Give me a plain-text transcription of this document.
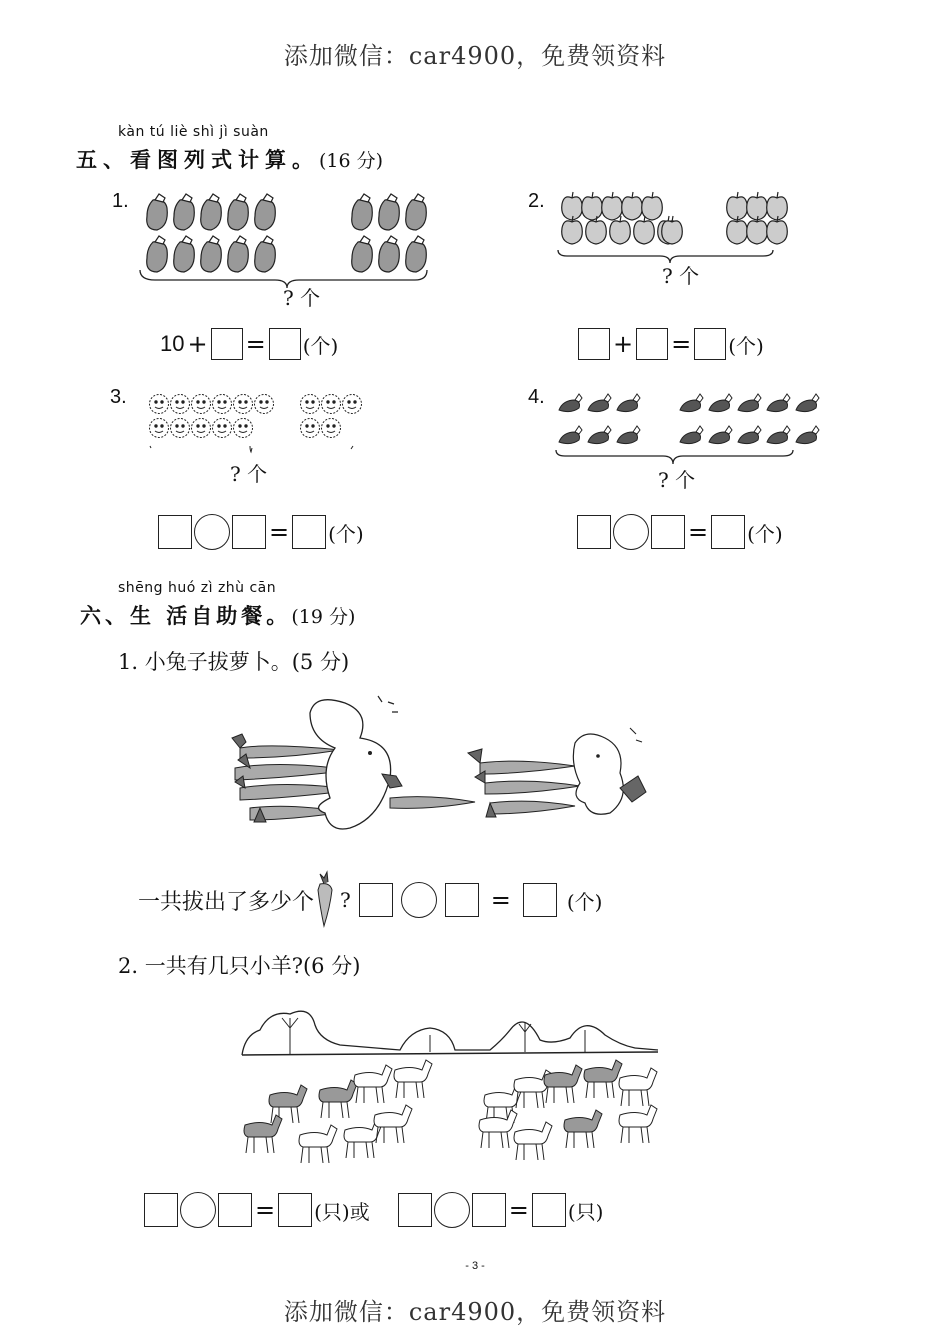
添加微信：car4900，免费领资料
kàn tú liè shì jì suàn
五、看图列式计算。(16 分)
1.
? 个
10 + = (个)
2.
? 个
+ = (个)
3.
? 个
= (个)
4.
? 个
= (个)
shēng huó zì zhù cān
六、生 活自助餐。(19 分)
1. 小兔子拔萝卜。(5 分)
一共拔出了多少个 ?	=	(个)
2. 一共有几只小羊?(6 分)
= (只)或	= (只)
- 3 -
添加微信：car4900，免费领资料
